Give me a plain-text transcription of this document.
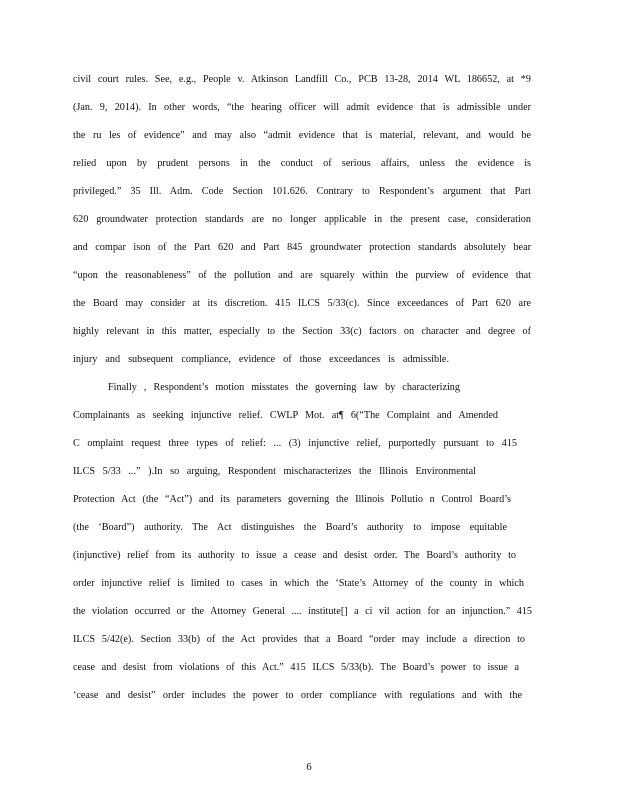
civil court rules. See, e.g., People v. Atkinson Landfill Co., PCB 13-28, 2014 WL 186652, at *9
(Jan. 9, 2014). In other words, “the hearing officer will admit evidence that is admissible under
the ru les of evidence” and may also “admit evidence that is material, relevant, and would be
relied upon by prudent persons in the conduct of serious affairs, unless the evidence is
privileged.” 35 Ill. Adm. Code Section 101.626. Contrary to Respondent’s argument that Part
620 groundwater protection standards are no longer applicable in the present case, consideration
and compar ison of the Part 620 and Part 845 groundwater protection standards absolutely bear
“upon the reasonableness” of the pollution and are squarely within the purview of evidence that
the Board may consider at its discretion. 415 ILCS 5/33(c). Since exceedances of Part 620 are
highly relevant in this matter, especially to the Section 33(c) factors on character and degree of
injury and subsequent compliance, evidence of those exceedances is admissible.
Finally , Respondent’s motion misstates the governing law by characterizing
Complainants as seeking injunctive relief. CWLP Mot. at¶ 6(“The Complaint and Amended
C omplaint request three types of relief: ... (3) injunctive relief, purportedly pursuant to 415
ILCS 5/33 ...” ).In so arguing, Respondent mischaracterizes the Illinois Environmental
Protection Act (the “Act”) and its parameters governing the Illinois Pollutio n Control Board’s
(the ‘Board”) authority. The Act distinguishes the Board’s authority to impose equitable
(injunctive) relief from its authority to issue a cease and desist order. The Board’s authority to
order injunctive relief is limited to cases in which the ‘State’s Attorney of the county in which
the violation occurred or the Attorney General .... institute[] a ci vil action for an injunction.” 415
ILCS 5/42(e). Section 33(b) of the Act provides that a Board “order may include a direction to
cease and desist from violations of this Act.” 415 ILCS 5/33(b). The Board’s power to issue a
‘cease and desist” order includes the power to order compliance with regulations and with the
6
